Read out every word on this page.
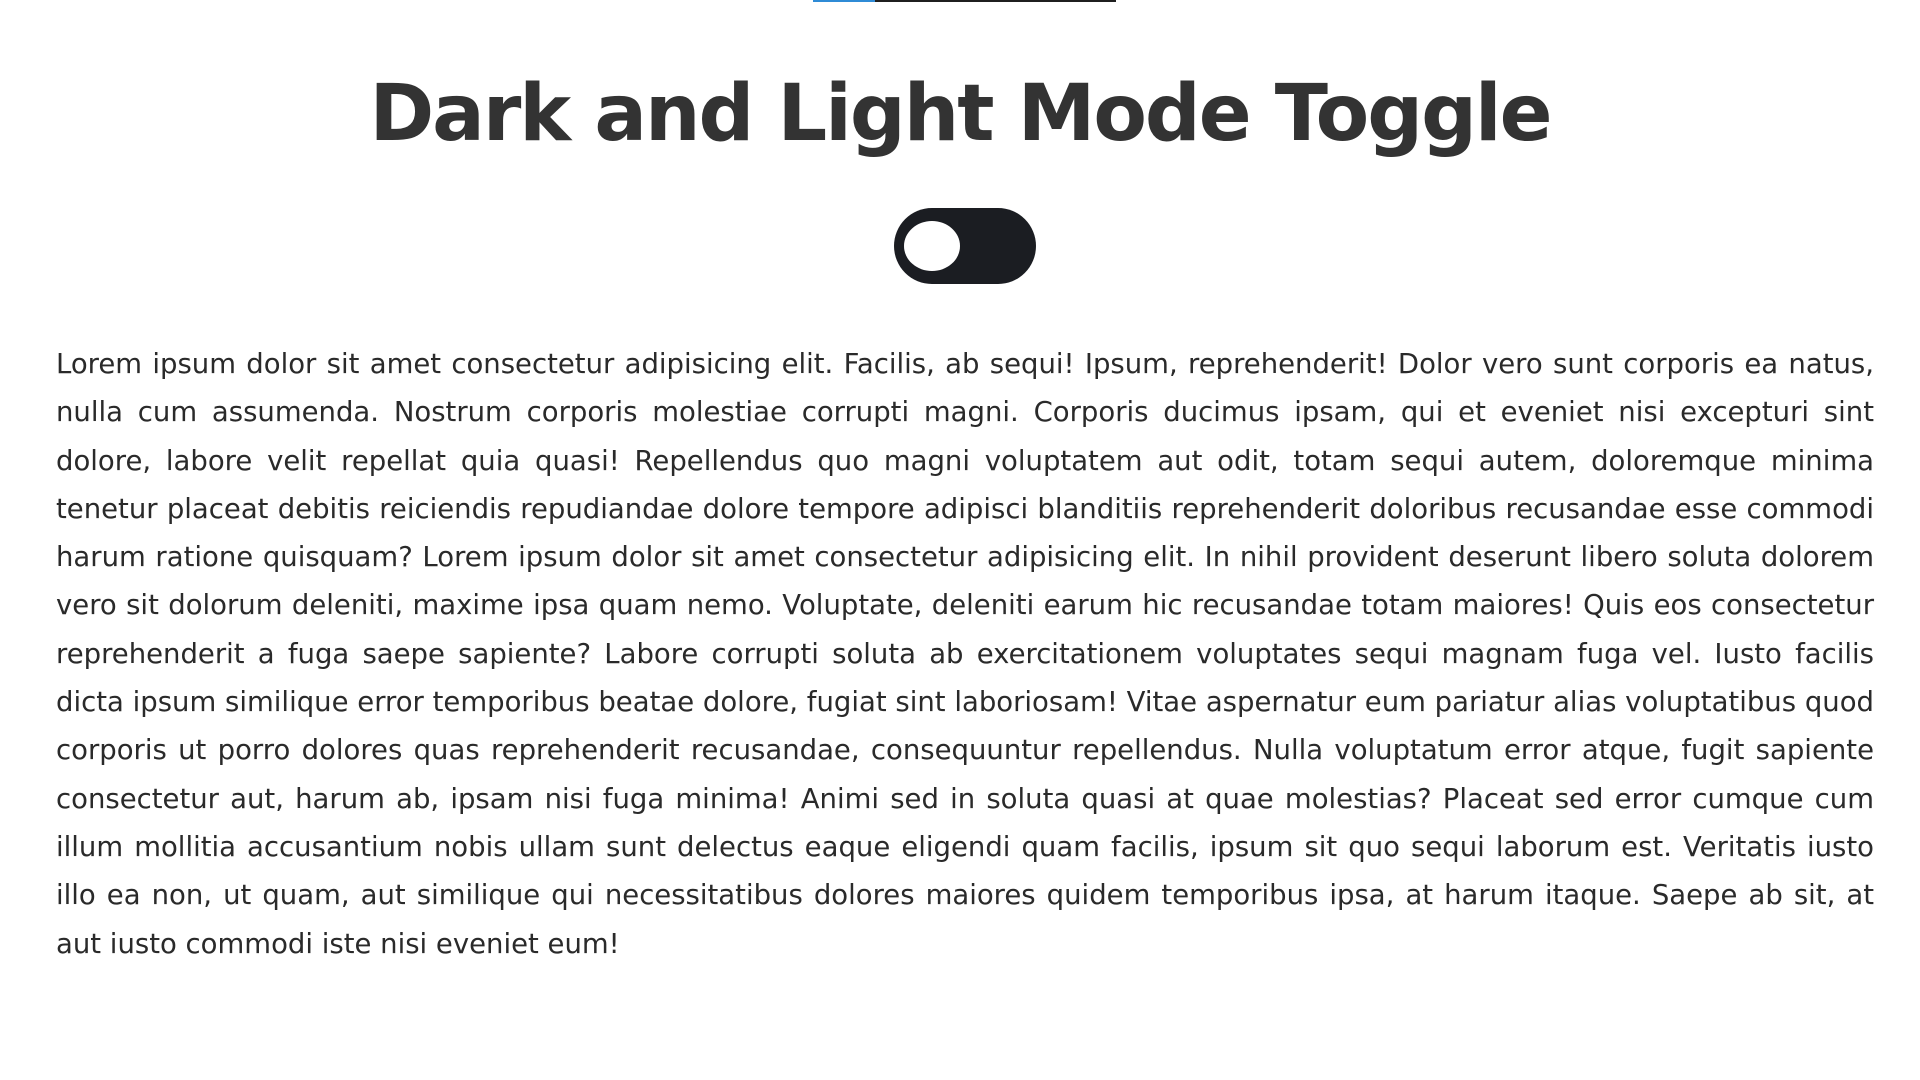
Dark and Light Mode Toggle

Lorem ipsum dolor sit amet consectetur adipisicing elit. Facilis, ab sequi! Ipsum, reprehenderit! Dolor vero sunt corporis ea natus, nulla cum assumenda. Nostrum corporis molestiae corrupti magni. Corporis ducimus ipsam, qui et eveniet nisi excepturi sint dolore, labore velit repellat quia quasi! Repellendus quo magni voluptatem aut odit, totam sequi autem, doloremque minima tenetur placeat debitis reiciendis repudiandae dolore tempore adipisci blanditiis reprehenderit doloribus recusandae esse commodi harum ratione quisquam? Lorem ipsum dolor sit amet consectetur adipisicing elit. In nihil provident deserunt libero soluta dolorem vero sit dolorum deleniti, maxime ipsa quam nemo. Voluptate, deleniti earum hic recusandae totam maiores! Quis eos consectetur reprehenderit a fuga saepe sapiente? Labore corrupti soluta ab exercitationem voluptates sequi magnam fuga vel. Iusto facilis dicta ipsum similique error temporibus beatae dolore, fugiat sint laboriosam! Vitae aspernatur eum pariatur alias voluptatibus quod corporis ut porro dolores quas reprehenderit recusandae, consequuntur repellendus. Nulla voluptatum error atque, fugit sapiente consectetur aut, harum ab, ipsam nisi fuga minima! Animi sed in soluta quasi at quae molestias? Placeat sed error cumque cum illum mollitia accusantium nobis ullam sunt delectus eaque eligendi quam facilis, ipsum sit quo sequi laborum est. Veritatis iusto illo ea non, ut quam, aut similique qui necessitatibus dolores maiores quidem temporibus ipsa, at harum itaque. Saepe ab sit, at aut iusto commodi iste nisi eveniet eum!
